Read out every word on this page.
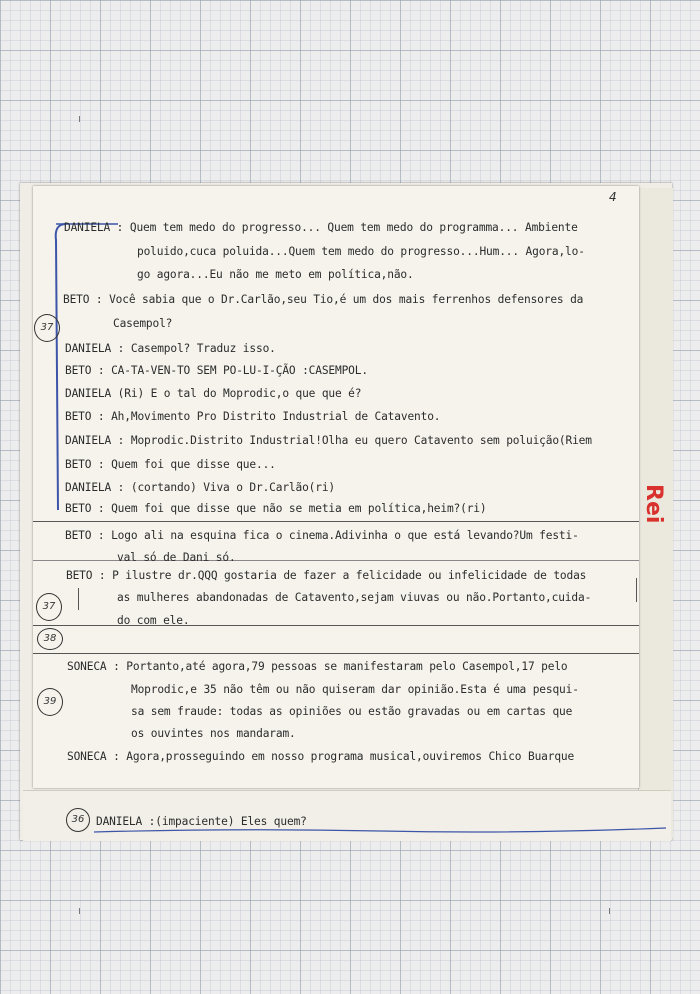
4
Rei
37
37
38
39
36
DANIELA : Quem tem medo do progresso... Quem tem medo do programma... Ambiente
poluido,cuca poluida...Quem tem medo do progresso...Hum... Agora,lo-
go agora...Eu não me meto em política,não.
BETO : Você sabia que o Dr.Carlão,seu Tio,é um dos mais ferrenhos defensores da
Casempol?
DANIELA : Casempol? Traduz isso.
BETO : CA-TA-VEN-TO SEM PO-LU-I-ÇÃO :CASEMPOL.
DANIELA (Ri) E o tal do Moprodic,o que que é?
BETO : Ah,Movimento Pro Distrito Industrial de Catavento.
DANIELA : Moprodic.Distrito Industrial!Olha eu quero Catavento sem poluição(Riem
BETO : Quem foi que disse que...
DANIELA : (cortando) Viva o Dr.Carlão(ri)
BETO : Quem foi que disse que não se metia em política,heim?(ri)
BETO : Logo ali na esquina fica o cinema.Adivinha o que está levando?Um festi-
val só de Dani só.
BETO : P ilustre dr.QQQ gostaria de fazer a felicidade ou infelicidade de todas
as mulheres abandonadas de Catavento,sejam viuvas ou não.Portanto,cuida-
do com ele.
SONECA : Portanto,até agora,79 pessoas se manifestaram pelo Casempol,17 pelo
Moprodic,e 35 não têm ou não quiseram dar opinião.Esta é uma pesqui-
sa sem fraude: todas as opiniões ou estão gravadas ou em cartas que
os ouvintes nos mandaram.
SONECA : Agora,prosseguindo em nosso programa musical,ouviremos Chico Buarque
DANIELA :(impaciente) Eles quem?
